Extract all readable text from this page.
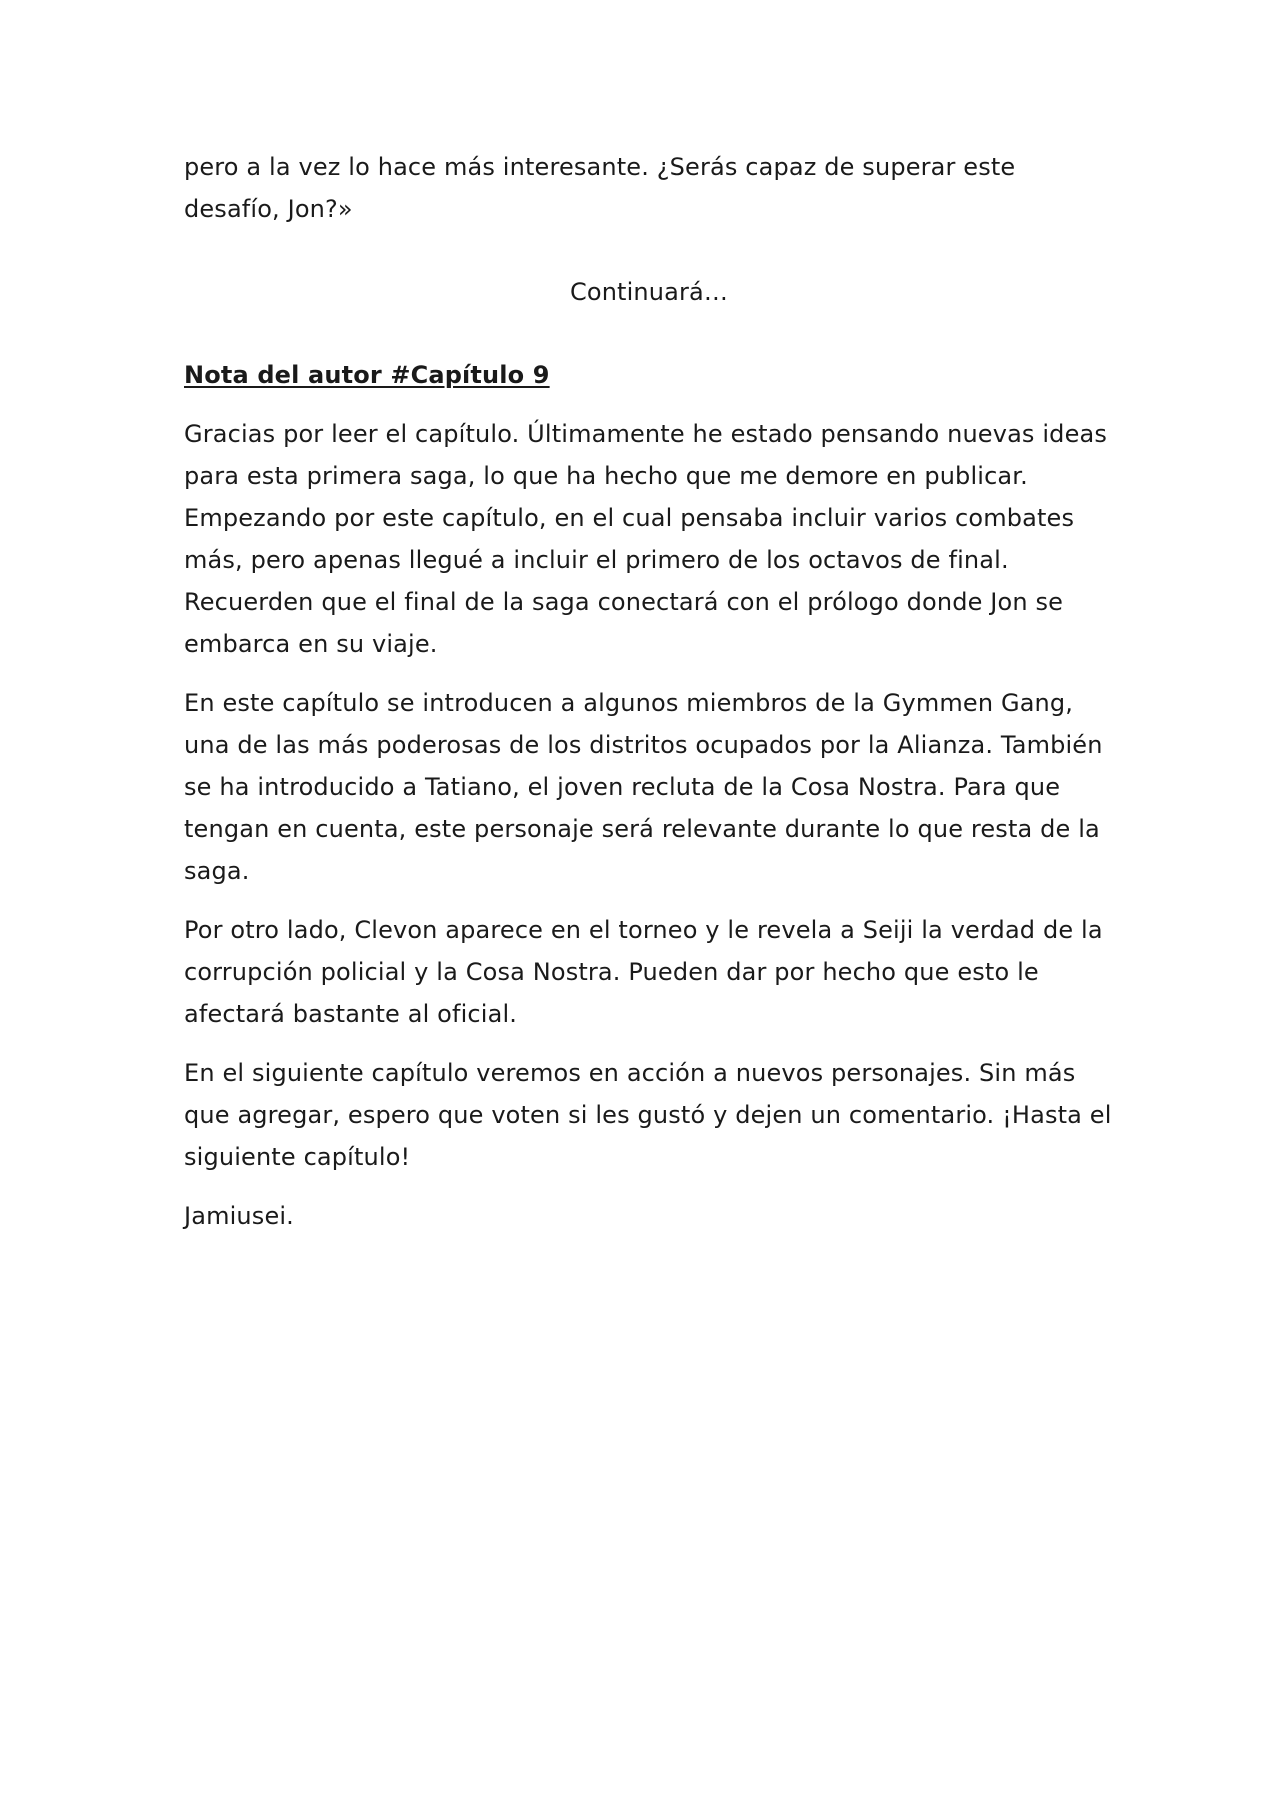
pero a la vez lo hace más interesante. ¿Serás capaz de superar este desafío, Jon?»

Continuará…

Nota del autor #Capítulo 9

Gracias por leer el capítulo. Últimamente he estado pensando nuevas ideas para esta primera saga, lo que ha hecho que me demore en publicar. Empezando por este capítulo, en el cual pensaba incluir varios combates más, pero apenas llegué a incluir el primero de los octavos de final. Recuerden que el final de la saga conectará con el prólogo donde Jon se embarca en su viaje.

En este capítulo se introducen a algunos miembros de la Gymmen Gang, una de las más poderosas de los distritos ocupados por la Alianza. También se ha introducido a Tatiano, el joven recluta de la Cosa Nostra. Para que tengan en cuenta, este personaje será relevante durante lo que resta de la saga.

Por otro lado, Clevon aparece en el torneo y le revela a Seiji la verdad de la corrupción policial y la Cosa Nostra. Pueden dar por hecho que esto le afectará bastante al oficial.

En el siguiente capítulo veremos en acción a nuevos personajes. Sin más que agregar, espero que voten si les gustó y dejen un comentario. ¡Hasta el siguiente capítulo!

Jamiusei.
